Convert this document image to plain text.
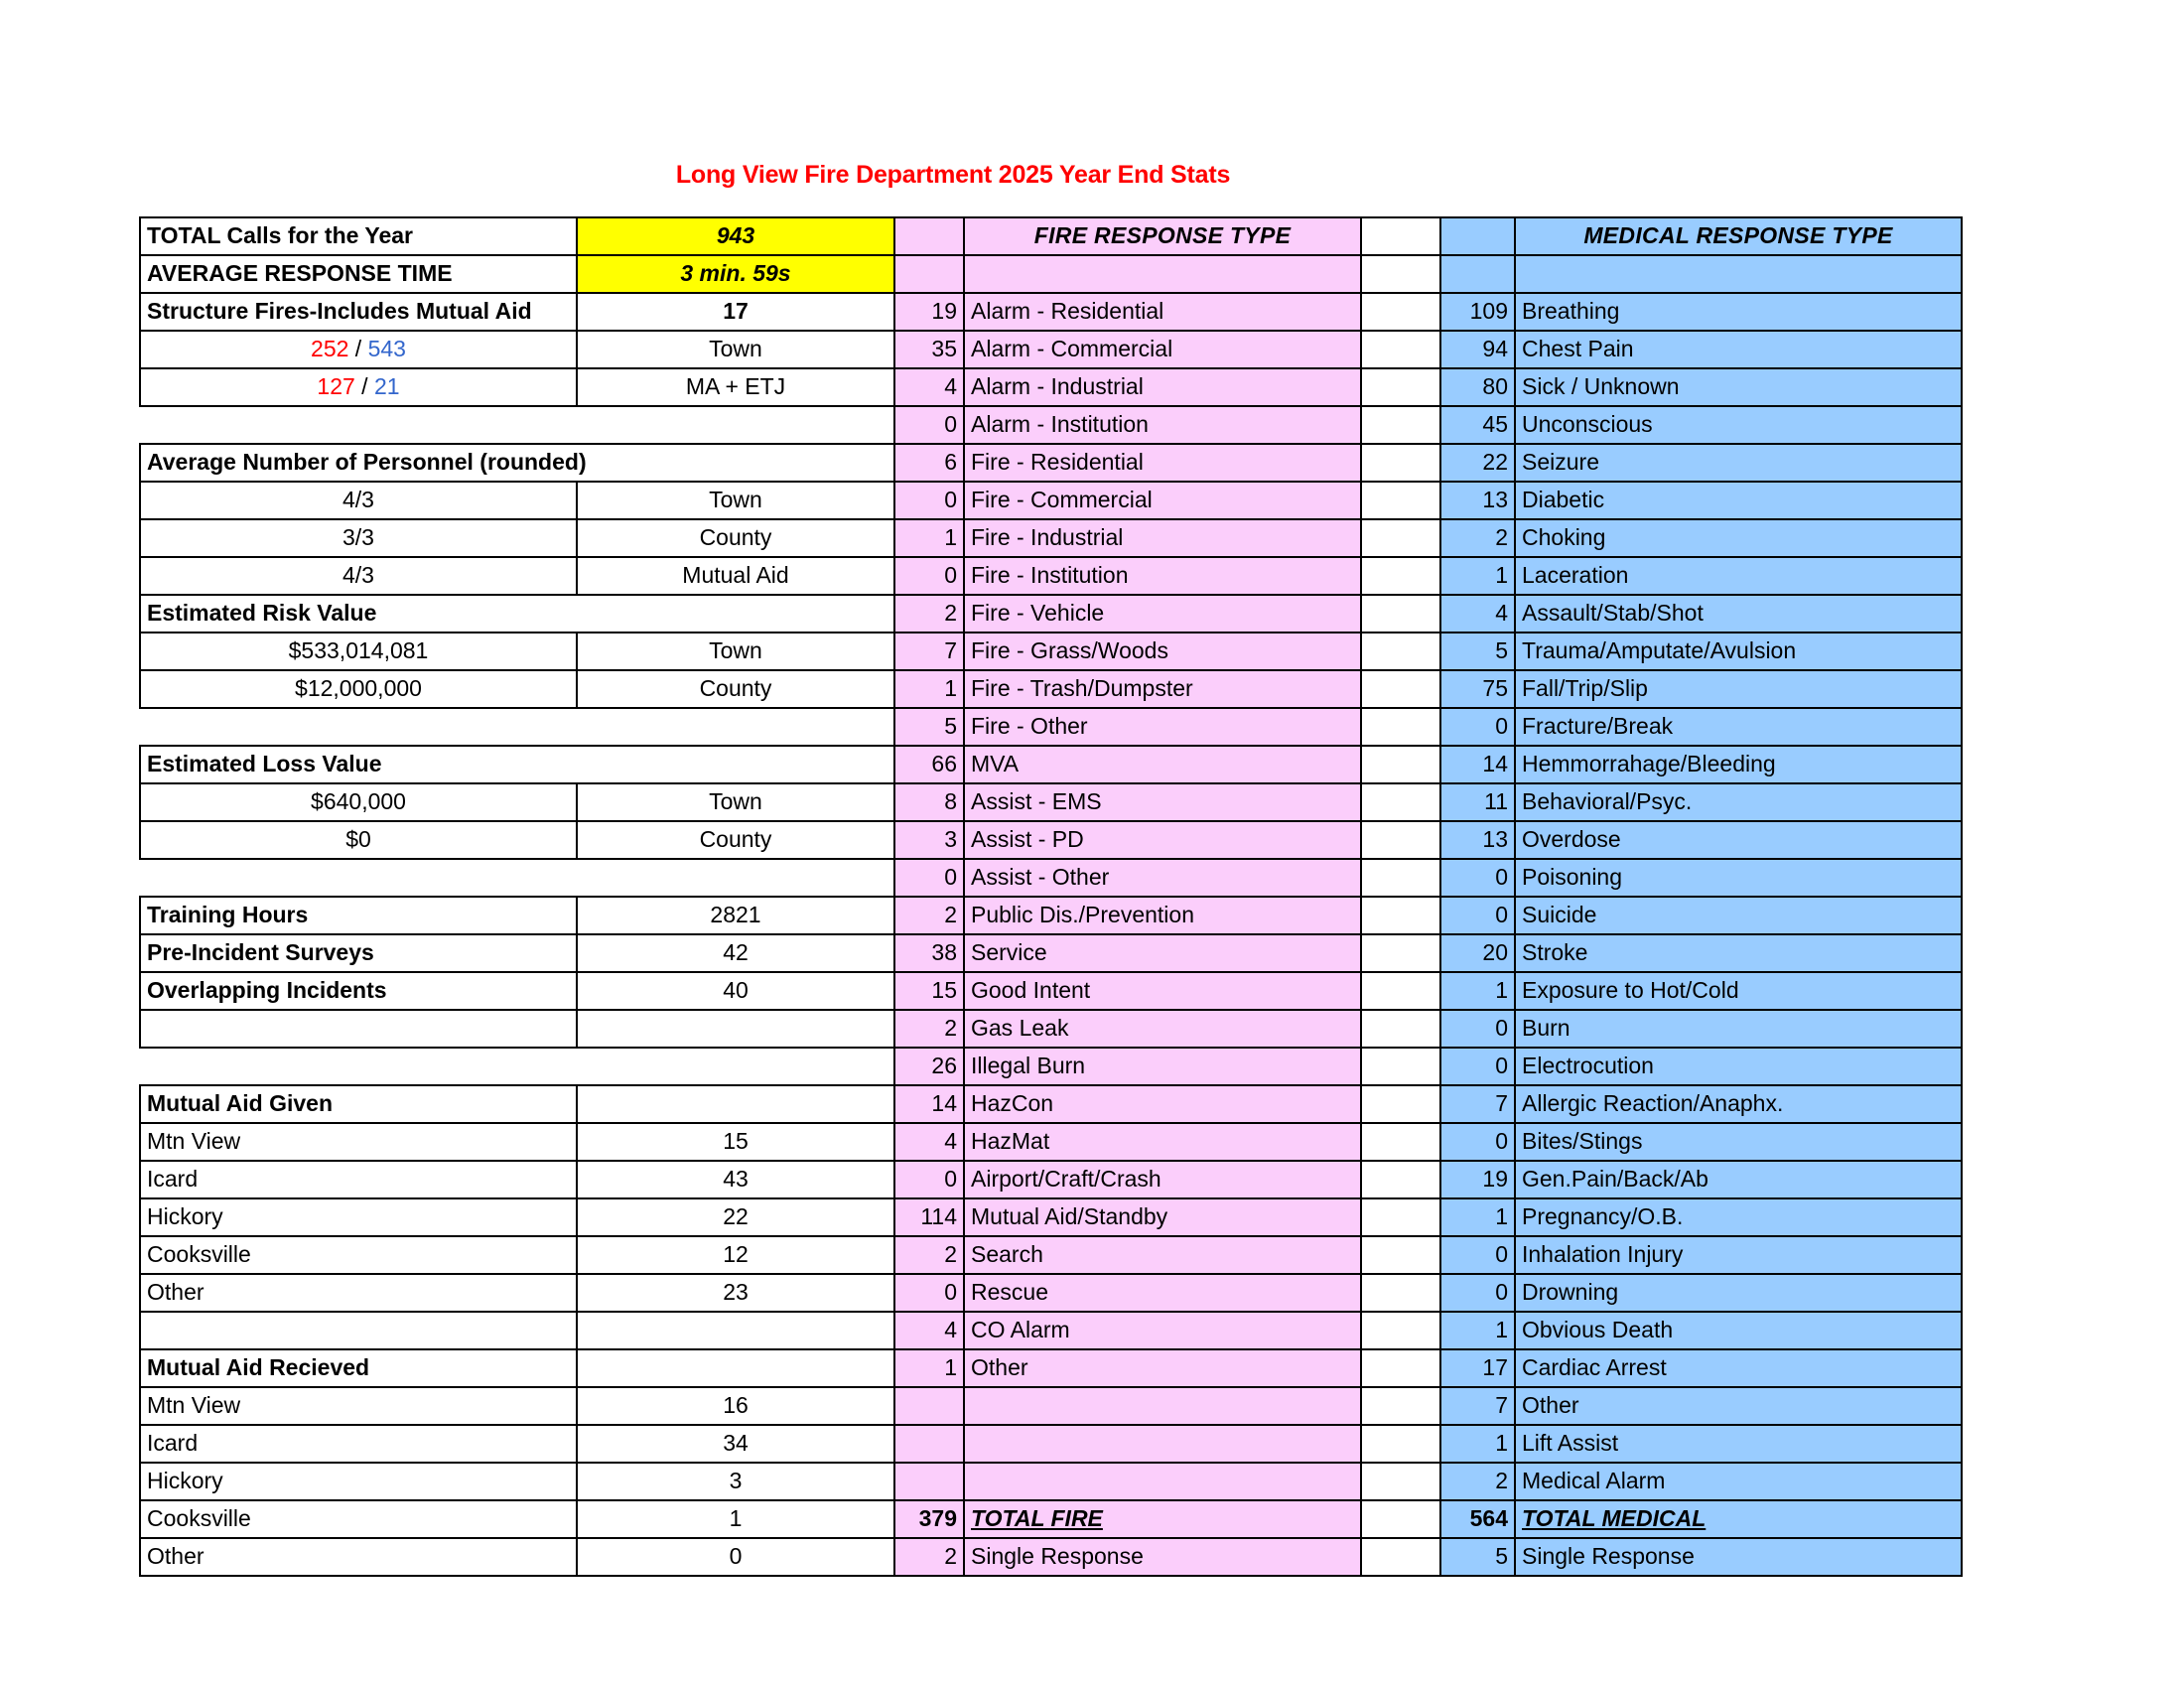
Long View Fire Department 2025 Year End Stats
TOTAL Calls for the Year	943		FIRE RESPONSE TYPE			MEDICAL RESPONSE TYPE
AVERAGE RESPONSE TIME	3 min. 59s					
Structure Fires-Includes Mutual Aid	17	19	Alarm - Residential		109	Breathing
252 / 543	Town	35	Alarm - Commercial		94	Chest Pain
127 / 21	MA + ETJ	4	Alarm - Industrial		80	Sick / Unknown
		0	Alarm - Institution		45	Unconscious
Average Number of Personnel (rounded)		6	Fire - Residential		22	Seizure
4/3	Town	0	Fire - Commercial		13	Diabetic
3/3	County	1	Fire - Industrial		2	Choking
4/3	Mutual Aid	0	Fire - Institution		1	Laceration
Estimated Risk Value		2	Fire - Vehicle		4	Assault/Stab/Shot
$533,014,081	Town	7	Fire - Grass/Woods		5	Trauma/Amputate/Avulsion
$12,000,000	County	1	Fire - Trash/Dumpster		75	Fall/Trip/Slip
		5	Fire - Other		0	Fracture/Break
Estimated Loss Value		66	MVA		14	Hemmorrahage/Bleeding
$640,000	Town	8	Assist - EMS		11	Behavioral/Psyc.
$0	County	3	Assist - PD		13	Overdose
		0	Assist - Other		0	Poisoning
Training Hours	2821	2	Public Dis./Prevention		0	Suicide
Pre-Incident Surveys	42	38	Service		20	Stroke
Overlapping Incidents	40	15	Good Intent		1	Exposure to Hot/Cold
		2	Gas Leak		0	Burn
		26	Illegal Burn		0	Electrocution
Mutual Aid Given		14	HazCon		7	Allergic Reaction/Anaphx.
Mtn View	15	4	HazMat		0	Bites/Stings
Icard	43	0	Airport/Craft/Crash		19	Gen.Pain/Back/Ab
Hickory	22	114	Mutual Aid/Standby		1	Pregnancy/O.B.
Cooksville	12	2	Search		0	Inhalation Injury
Other	23	0	Rescue		0	Drowning
		4	CO Alarm		1	Obvious Death
Mutual Aid Recieved		1	Other		17	Cardiac Arrest
Mtn View	16				7	Other
Icard	34				1	Lift Assist
Hickory	3				2	Medical Alarm
Cooksville	1	379	TOTAL FIRE		564	TOTAL MEDICAL
Other	0	2	Single Response		5	Single Response
